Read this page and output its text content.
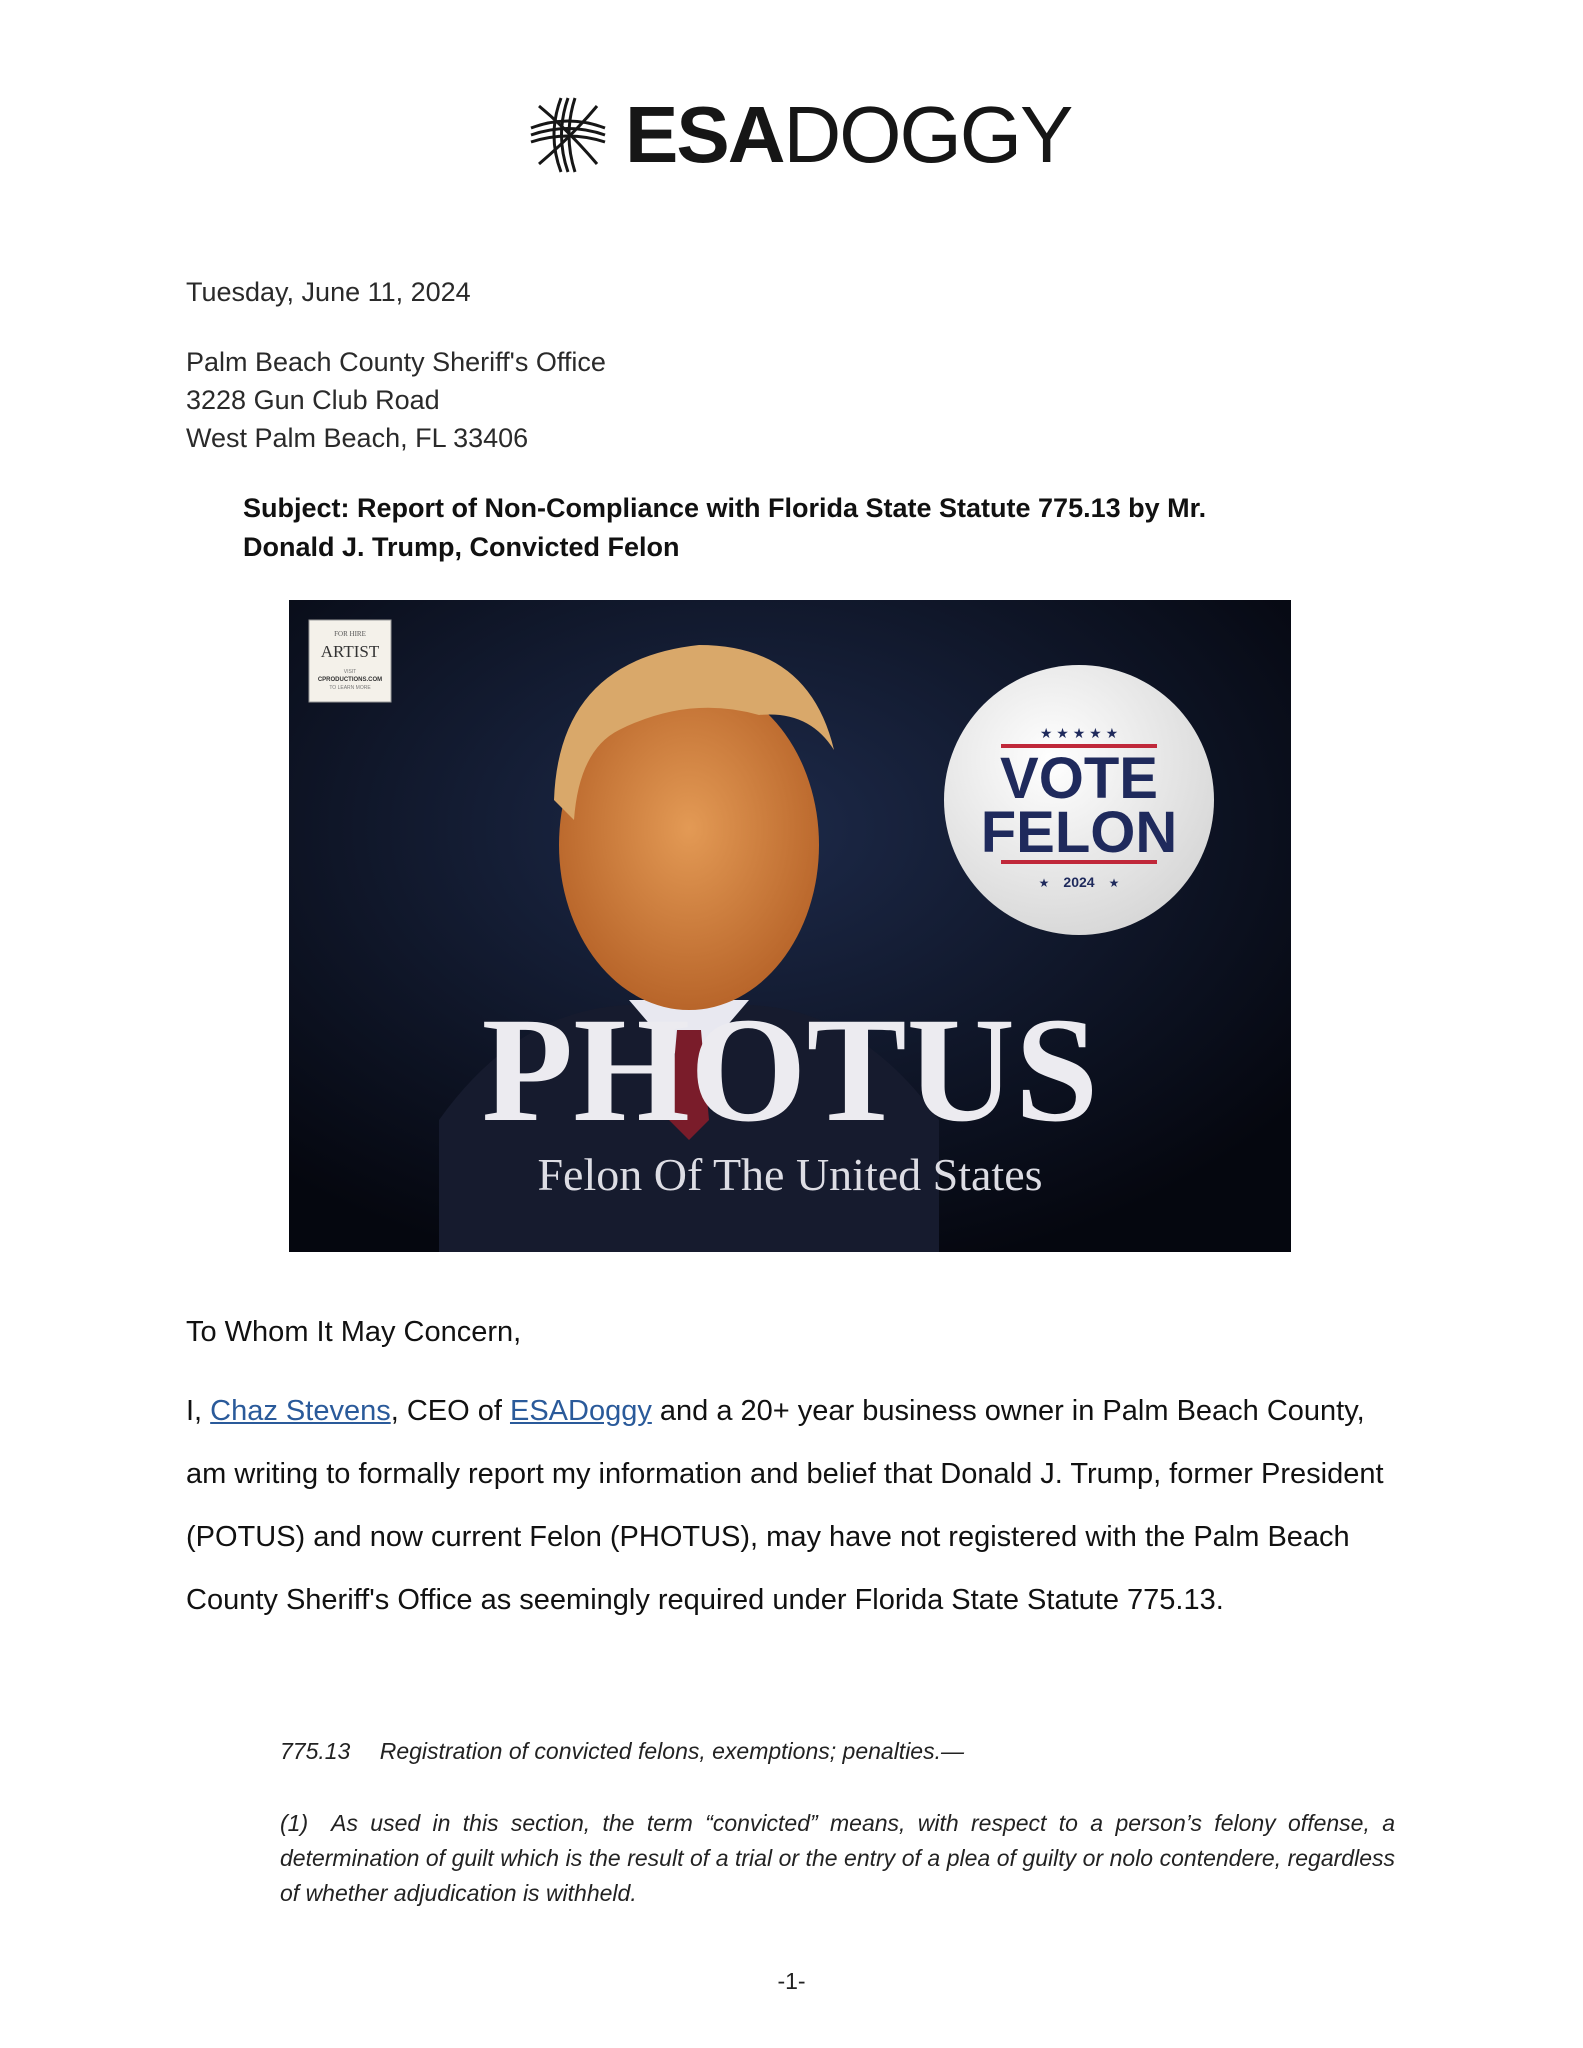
ESADOGGY
Tuesday, June 11, 2024
Palm Beach County Sheriff's Office
3228 Gun Club Road
West Palm Beach, FL 33406
Subject: Report of Non-Compliance with Florida State Statute 775.13 by Mr.
Donald J. Trump, Convicted Felon
FOR HIRE
ARTIST
VISIT
CPRODUCTIONS.COM
TO LEARN MORE
★ ★ ★ ★ ★
VOTE
FELON
2024
★	★
PHOTUS
Felon Of The United States
To Whom It May Concern,
I, Chaz Stevens, CEO of ESADoggy and a 20+ year business owner in Palm Beach County, am writing to formally report my information and belief that Donald J. Trump, former President (POTUS) and now current Felon (PHOTUS), may have not registered with the Palm Beach County Sheriff's Office as seemingly required under Florida State Statute 775.13.
775.13  Registration of convicted felons, exemptions; penalties.—
(1) As used in this section, the term “convicted” means, with respect to a person’s felony offense, a determination of guilt which is the result of a trial or the entry of a plea of guilty or nolo contendere, regardless of whether adjudication is withheld.
-1-
